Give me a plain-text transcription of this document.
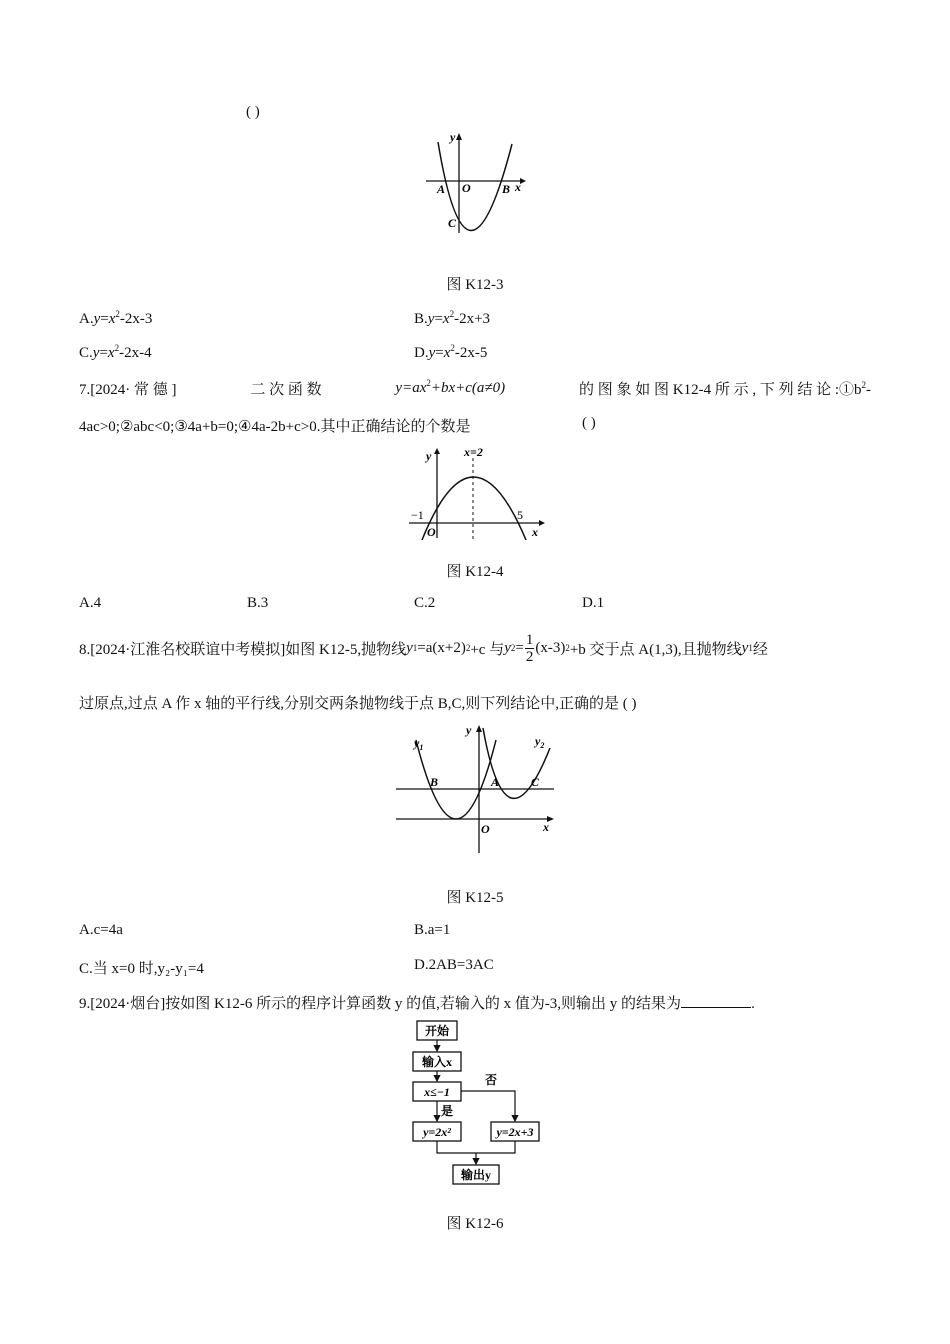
( )
y
x
O
A	B
C
图 K12-3
$A.y=x^2-2x-3$	$B.y=x^2-2x+3$
$C.y=x^2-2x-4$	$D.y=x^2-2x-5$
7.[2024· 常 德 ]	二 次 函 数	$y=ax^2+bx+c(a\ne 0)$	的 图 象 如 图 K12-4 所 示 , 下 列 结 论 $:①b^2-$
4ac>0;②abc<0;③4a+b=0;④4a-2b+c>0.其中正确结论的个数是	( )
y
x
x=2
−1	5
O
图 K12-4
A.4	B.3	C.2	D.1
8.[2024·江淮名校联谊中考模拟]如图 K12-5,抛物线 y 1 =a(x+2) 2 +c 与 y $2 = \frac{1}{2} (x-3)$ 2 +b 交于点 A(1,3),且抛物线 y 1 经
过原点,过点 A 作 x 轴的平行线,分别交两条抛物线于点 B,C,则下列结论中,正确的是 ( )
$y_1$	$y_2$
y
x
O
A
B	C
图 K12-5
A.c=4a	B.a=1
C.当 x=0 时,y₂-y₁=4	D.2AB=3AC
9.[2024·烟台]按如图 K12-6 所示的程序计算函数 y 的值,若输入的 x 值为-3,则输出 y 的结果为	.
开始
输入x
x≤−1
否
是
y=2x²	y=2x+3
输出y
图 K12-6
